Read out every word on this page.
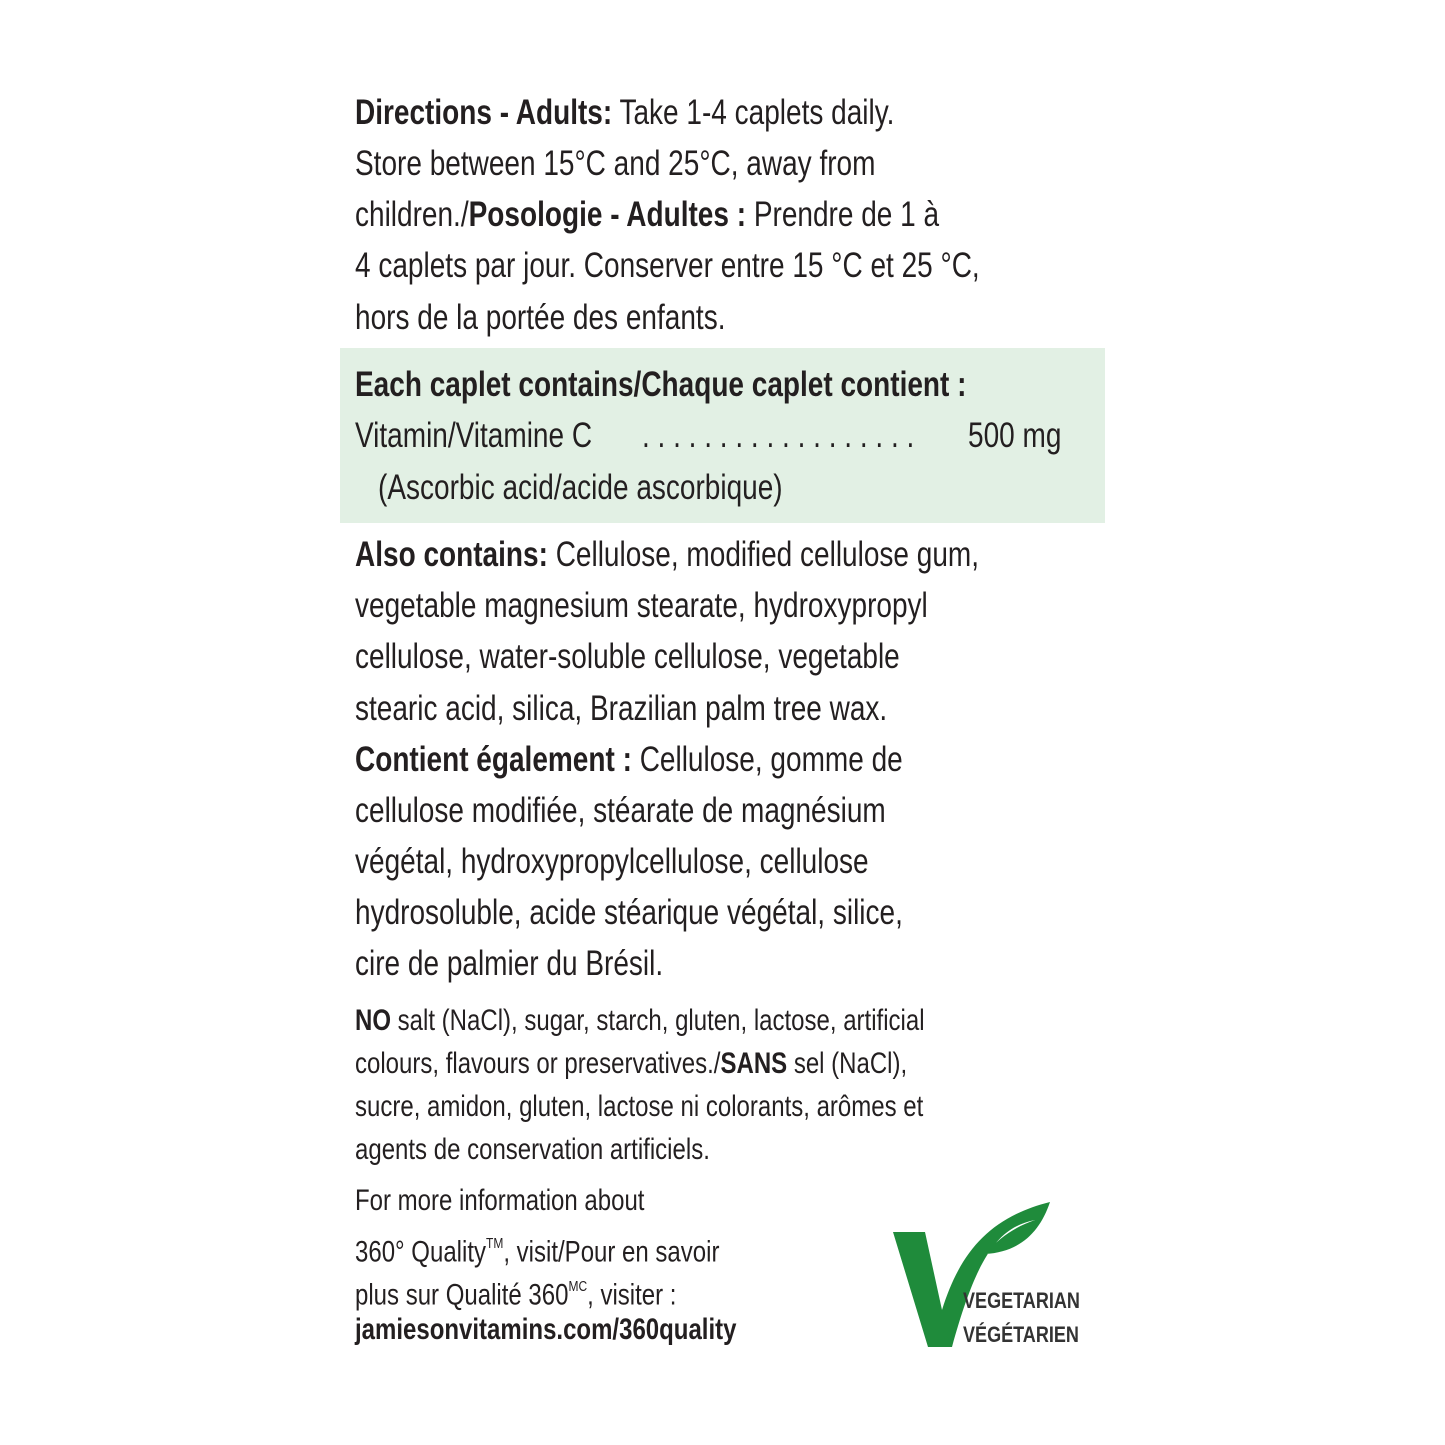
Directions - Adults: Take 1-4 caplets daily.
Store between 15°C and 25°C, away from
children./Posologie - Adultes : Prendre de 1 à
4 caplets par jour. Conserver entre 15 °C et 25 °C,
hors de la portée des enfants.
Each caplet contains/Chaque caplet contient :
Vitamin/Vitamine C . . . . . . . . . . . . . . . . . . 500 mg
(Ascorbic acid/acide ascorbique)
Also contains: Cellulose, modified cellulose gum,
vegetable magnesium stearate, hydroxypropyl
cellulose, water-soluble cellulose, vegetable
stearic acid, silica, Brazilian palm tree wax.
Contient également : Cellulose, gomme de
cellulose modifiée, stéarate de magnésium
végétal, hydroxypropylcellulose, cellulose
hydrosoluble, acide stéarique végétal, silice,
cire de palmier du Brésil.
NO salt (NaCl), sugar, starch, gluten, lactose, artificial
colours, flavours or preservatives./SANS sel (NaCl),
sucre, amidon, gluten, lactose ni colorants, arômes et
agents de conservation artificiels.
For more information about
360° Quality™, visit/Pour en savoir
plus sur Qualité $360^{MC}$, visiter :
jamiesonvitamins.com/360quality
VEGETARIAN
VÉGÉTARIEN
